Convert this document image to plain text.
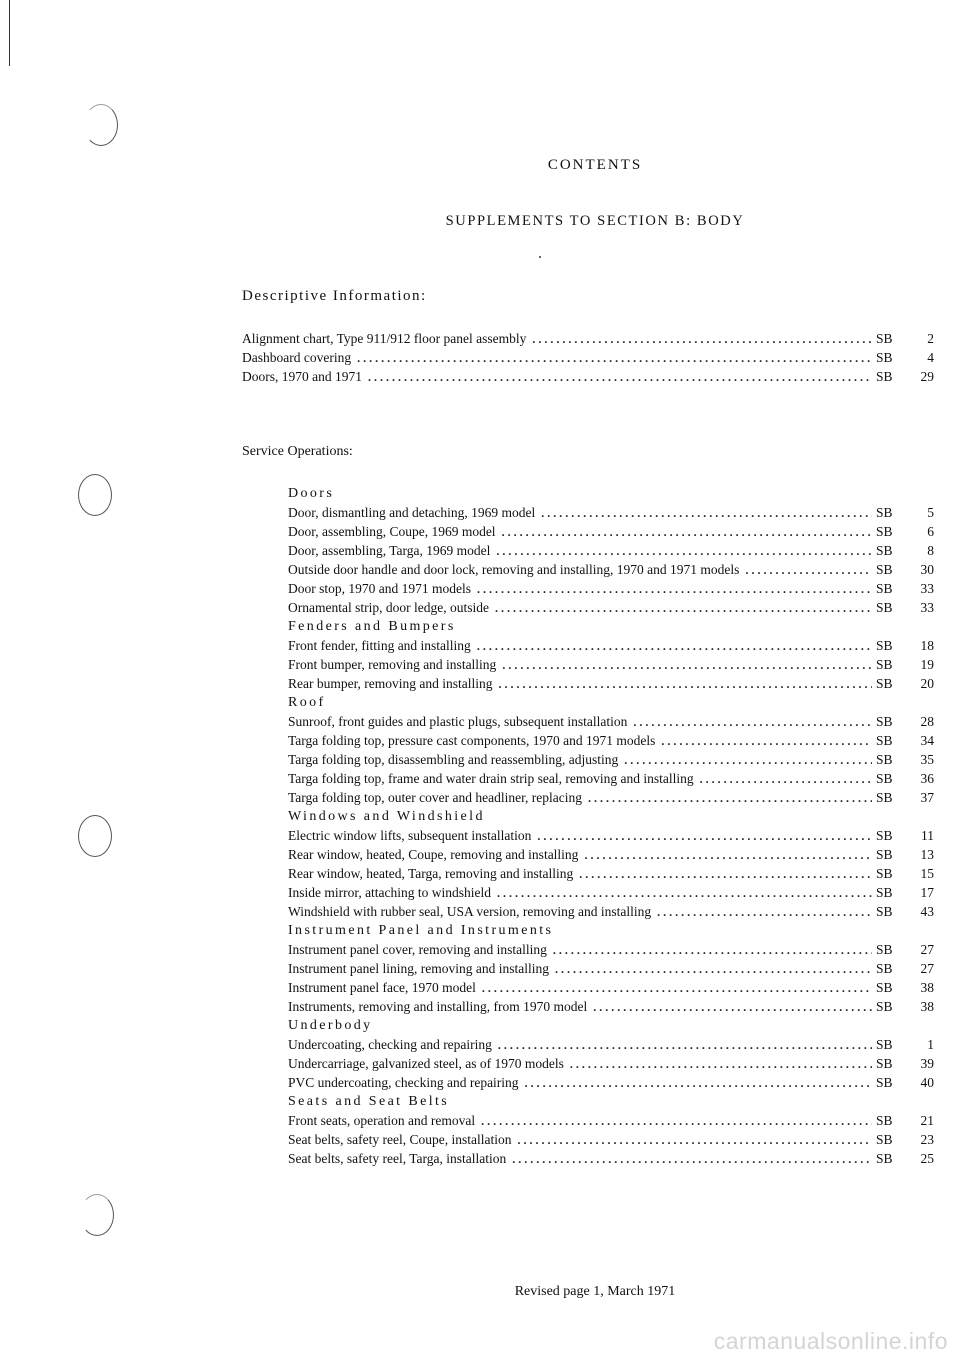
CONTENTS
SUPPLEMENTS TO SECTION B: BODY
Descriptive Information:
Alignment chart, Type 911/912 floor panel assembly .....	SB	2
Dashboard covering .....	SB	4
Doors, 1970 and 1971 .....	SB 29
Service Operations:
Doors
Door, dismantling and detaching, 1969 model .....	SB	5
Door, assembling, Coupe, 1969 model .....	SB	6
Door, assembling, Targa, 1969 model .....	SB	8
Outside door handle and door lock, removing and installing, 1970 and 1971 models .....	SB 30
Door stop, 1970 and 1971 models .....	SB 33
Ornamental strip, door ledge, outside .....	SB 33
Fenders and Bumpers
Front fender, fitting and installing .....	SB 18
Front bumper, removing and installing .....	SB 19
Rear bumper, removing and installing .....	SB 20
Roof
Sunroof, front guides and plastic plugs, subsequent installation .....	SB 28
Targa folding top, pressure cast components, 1970 and 1971 models .....	SB 34
Targa folding top, disassembling and reassembling, adjusting .....	SB 35
Targa folding top, frame and water drain strip seal, removing and installing .....	SB 36
Targa folding top, outer cover and headliner, replacing .....	SB 37
Windows and Windshield
Electric window lifts, subsequent installation .....	SB 11
Rear window, heated, Coupe, removing and installing .....	SB 13
Rear window, heated, Targa, removing and installing .....	SB 15
Inside mirror, attaching to windshield .....	SB 17
Windshield with rubber seal, USA version, removing and installing .....	SB 43
Instrument Panel and Instruments
Instrument panel cover, removing and installing .....	SB 27
Instrument panel lining, removing and installing .....	SB 27
Instrument panel face, 1970 model .....	SB 38
Instruments, removing and installing, from 1970 model .....	SB 38
Underbody
Undercoating, checking and repairing .....	SB	1
Undercarriage, galvanized steel, as of 1970 models .....	SB 39
PVC undercoating, checking and repairing .....	SB 40
Seats and Seat Belts
Front seats, operation and removal .....	SB 21
Seat belts, safety reel, Coupe, installation .....	SB 23
Seat belts, safety reel, Targa, installation .....	SB 25
Revised page 1, March 1971
carmanualsonline.info
